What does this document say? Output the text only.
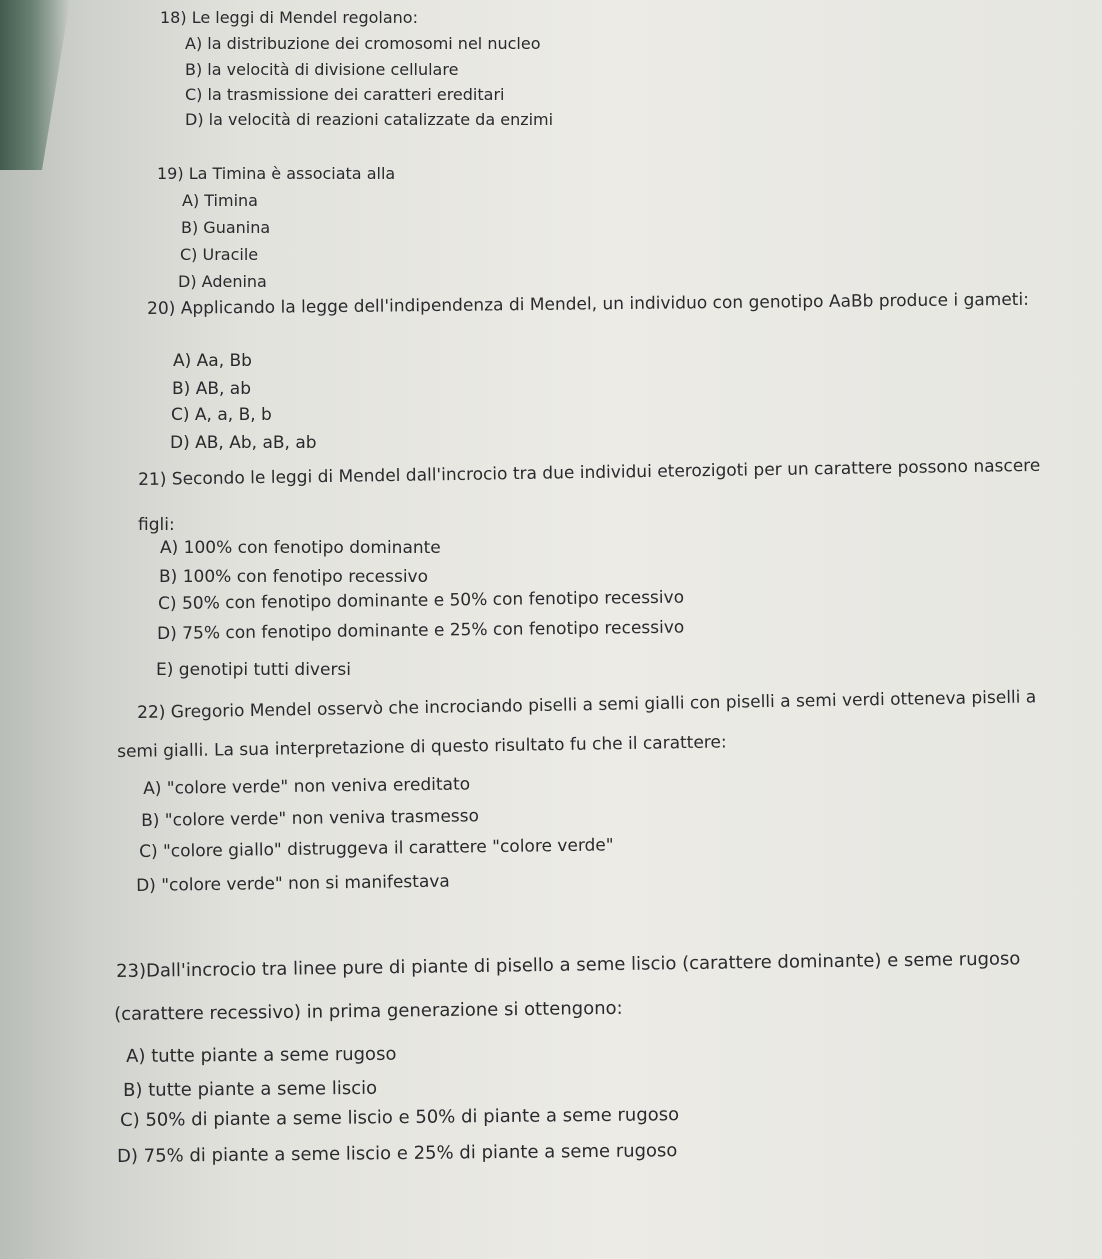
18) Le leggi di Mendel regolano:

A) la distribuzione dei cromosomi nel nucleo

B) la velocità di divisione cellulare

C) la trasmissione dei caratteri ereditari

D) la velocità di reazioni catalizzate da enzimi

19) La Timina è associata alla

A) Timina

B) Guanina

C) Uracile

D) Adenina

20) Applicando la legge dell'indipendenza di Mendel, un individuo con genotipo AaBb produce i gameti:

A) Aa, Bb

B) AB, ab

C) A, a, B, b

D) AB, Ab, aB, ab

21) Secondo le leggi di Mendel dall'incrocio tra due individui eterozigoti per un carattere possono nascere

figli:

A) 100% con fenotipo dominante

B) 100% con fenotipo recessivo

C) 50% con fenotipo dominante e 50% con fenotipo recessivo

D) 75% con fenotipo dominante e 25% con fenotipo recessivo

E) genotipi tutti diversi

22) Gregorio Mendel osservò che incrociando piselli a semi gialli con piselli a semi verdi otteneva piselli a

semi gialli. La sua interpretazione di questo risultato fu che il carattere:

A) "colore verde" non veniva ereditato

B) "colore verde" non veniva trasmesso

C) "colore giallo" distruggeva il carattere "colore verde"

D) "colore verde" non si manifestava

23)Dall'incrocio tra linee pure di piante di pisello a seme liscio (carattere dominante) e seme rugoso

(carattere recessivo) in prima generazione si ottengono:

A) tutte piante a seme rugoso

B) tutte piante a seme liscio

C) 50% di piante a seme liscio e 50% di piante a seme rugoso

D) 75% di piante a seme liscio e 25% di piante a seme rugoso
